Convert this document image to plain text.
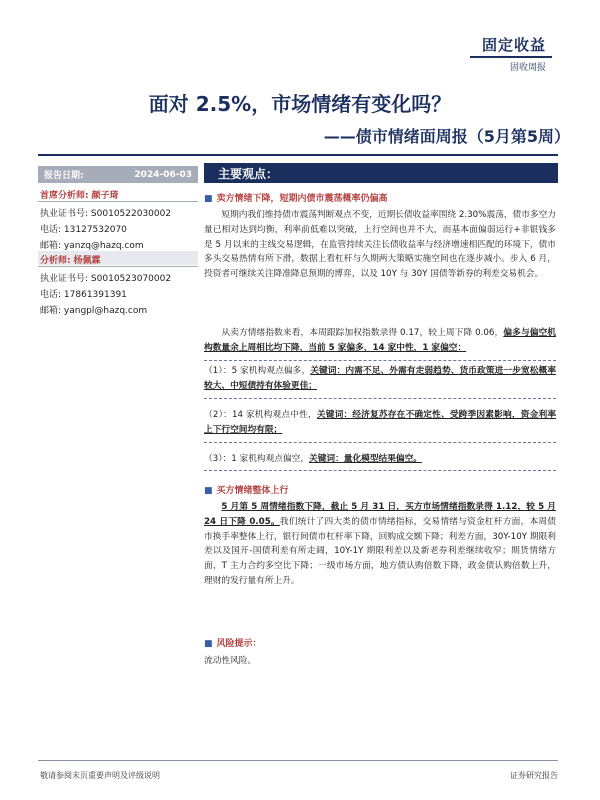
固定收益
固收周报
面对 2.5%，市场情绪有变化吗？
——债市情绪面周报（5月第5周）
报告日期:	2024-06-03
首席分析师: 颜子琦
执业证书号: S0010522030002
电话: 13127532070
邮箱: yanzq@hazq.com
分析师: 杨佩霖
执业证书号: S0010523070002
电话: 17861391391
邮箱: yangpl@hazq.com
主要观点：
■ 卖方情绪下降，短期内债市震荡概率仍偏高

短期内我们维持债市震荡判断观点不变，近期长债收益率围绕 2.30%震荡，债市多空力量已相对达到均衡，利率前低难以突破，上行空间也并不大，而基本面偏弱运行+非银钱多是 5 月以来的主线交易逻辑，在监管持续关注长债收益率与经济增速相匹配的环境下，债市多头交易热情有所下滑，数据上看杠杆与久期两大策略实施空间也在逐步减小。步入 6 月，投资者可继续关注降准降息预期的博弈，以及 10Y 与 30Y 国债等新券的利差交易机会。

从卖方情绪指数来看，本周跟踪加权指数录得 0.17，较上周下降 0.06，偏多与偏空机构数量余上周相比均下降，当前 5 家偏多，14 家中性，1 家偏空：

（1）：5 家机构观点偏多，关键词：内需不足、外需有走弱趋势、货币政策进一步宽松概率较大、中短债持有体验更佳；

（2）：14 家机构观点中性，关键词：经济复苏存在不确定性、受跨季因素影响，资金利率上下行空间均有限；

（3）：1 家机构观点偏空，关键词：量化模型结果偏空。

■ 买方情绪整体上行

5 月第 5 周情绪指数下降，截止 5 月 31 日，买方市场情绪指数录得 1.12，较 5 月 24 日下降 0.05。我们统计了四大类的债市情绪指标，交易情绪与资金杠杆方面，本周债市换手率整体上行，银行间债市杠杆率下降，回购成交额下降；利差方面，30Y-10Y 期限利差以及国开-国债利差有所走阔，10Y-1Y 期限利差以及新老券利差继续收窄；期货情绪方面，T 主力合约多空比下降；一级市场方面，地方债认购倍数下降，政金债认购倍数上升，理财的发行量有所上升。

■ 风险提示：

流动性风险。

敬请参阅末页重要声明及评级说明	证券研究报告
